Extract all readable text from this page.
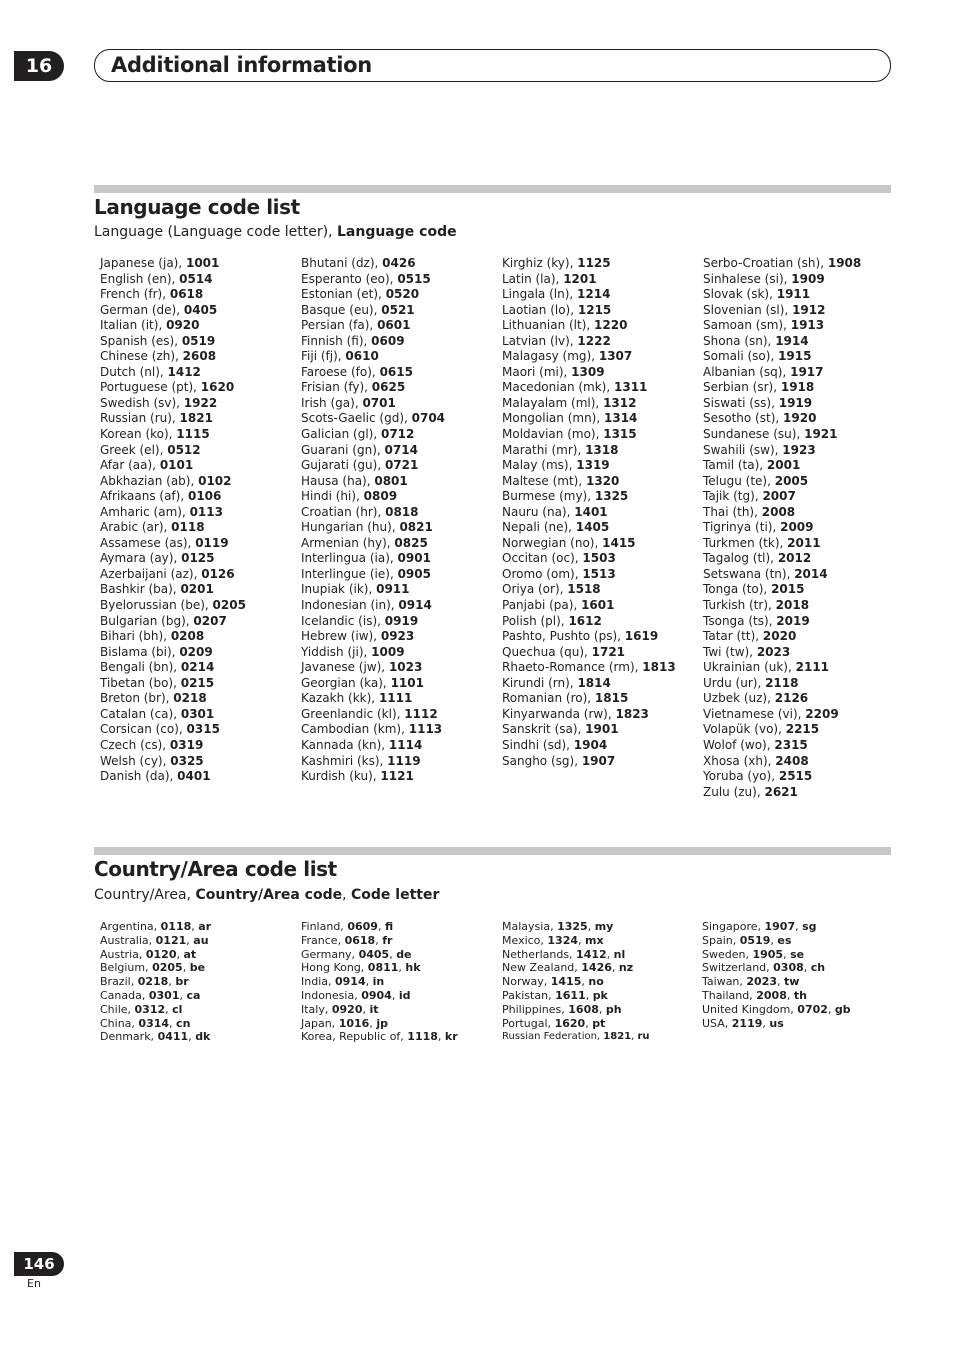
16	Additional information
Language code list
Language (Language code letter), Language code
Japanese (ja), 1001
English (en), 0514
French (fr), 0618
German (de), 0405
Italian (it), 0920
Spanish (es), 0519
Chinese (zh), 2608
Dutch (nl), 1412
Portuguese (pt), 1620
Swedish (sv), 1922
Russian (ru), 1821
Korean (ko), 1115
Greek (el), 0512
Afar (aa), 0101
Abkhazian (ab), 0102
Afrikaans (af), 0106
Amharic (am), 0113
Arabic (ar), 0118
Assamese (as), 0119
Aymara (ay), 0125
Azerbaijani (az), 0126
Bashkir (ba), 0201
Byelorussian (be), 0205
Bulgarian (bg), 0207
Bihari (bh), 0208
Bislama (bi), 0209
Bengali (bn), 0214
Tibetan (bo), 0215
Breton (br), 0218
Catalan (ca), 0301
Corsican (co), 0315
Czech (cs), 0319
Welsh (cy), 0325
Danish (da), 0401
Bhutani (dz), 0426
Esperanto (eo), 0515
Estonian (et), 0520
Basque (eu), 0521
Persian (fa), 0601
Finnish (fi), 0609
Fiji (fj), 0610
Faroese (fo), 0615
Frisian (fy), 0625
Irish (ga), 0701
Scots-Gaelic (gd), 0704
Galician (gl), 0712
Guarani (gn), 0714
Gujarati (gu), 0721
Hausa (ha), 0801
Hindi (hi), 0809
Croatian (hr), 0818
Hungarian (hu), 0821
Armenian (hy), 0825
Interlingua (ia), 0901
Interlingue (ie), 0905
Inupiak (ik), 0911
Indonesian (in), 0914
Icelandic (is), 0919
Hebrew (iw), 0923
Yiddish (ji), 1009
Javanese (jw), 1023
Georgian (ka), 1101
Kazakh (kk), 1111
Greenlandic (kl), 1112
Cambodian (km), 1113
Kannada (kn), 1114
Kashmiri (ks), 1119
Kurdish (ku), 1121
Kirghiz (ky), 1125
Latin (la), 1201
Lingala (ln), 1214
Laotian (lo), 1215
Lithuanian (lt), 1220
Latvian (lv), 1222
Malagasy (mg), 1307
Maori (mi), 1309
Macedonian (mk), 1311
Malayalam (ml), 1312
Mongolian (mn), 1314
Moldavian (mo), 1315
Marathi (mr), 1318
Malay (ms), 1319
Maltese (mt), 1320
Burmese (my), 1325
Nauru (na), 1401
Nepali (ne), 1405
Norwegian (no), 1415
Occitan (oc), 1503
Oromo (om), 1513
Oriya (or), 1518
Panjabi (pa), 1601
Polish (pl), 1612
Pashto, Pushto (ps), 1619
Quechua (qu), 1721
Rhaeto-Romance (rm), 1813
Kirundi (rn), 1814
Romanian (ro), 1815
Kinyarwanda (rw), 1823
Sanskrit (sa), 1901
Sindhi (sd), 1904
Sangho (sg), 1907
Serbo-Croatian (sh), 1908
Sinhalese (si), 1909
Slovak (sk), 1911
Slovenian (sl), 1912
Samoan (sm), 1913
Shona (sn), 1914
Somali (so), 1915
Albanian (sq), 1917
Serbian (sr), 1918
Siswati (ss), 1919
Sesotho (st), 1920
Sundanese (su), 1921
Swahili (sw), 1923
Tamil (ta), 2001
Telugu (te), 2005
Tajik (tg), 2007
Thai (th), 2008
Tigrinya (ti), 2009
Turkmen (tk), 2011
Tagalog (tl), 2012
Setswana (tn), 2014
Tonga (to), 2015
Turkish (tr), 2018
Tsonga (ts), 2019
Tatar (tt), 2020
Twi (tw), 2023
Ukrainian (uk), 2111
Urdu (ur), 2118
Uzbek (uz), 2126
Vietnamese (vi), 2209
Volapük (vo), 2215
Wolof (wo), 2315
Xhosa (xh), 2408
Yoruba (yo), 2515
Zulu (zu), 2621
Country/Area code list
Country/Area, Country/Area code, Code letter
Argentina, 0118, ar
Australia, 0121, au
Austria, 0120, at
Belgium, 0205, be
Brazil, 0218, br
Canada, 0301, ca
Chile, 0312, cl
China, 0314, cn
Denmark, 0411, dk
Finland, 0609, fi
France, 0618, fr
Germany, 0405, de
Hong Kong, 0811, hk
India, 0914, in
Indonesia, 0904, id
Italy, 0920, it
Japan, 1016, jp
Korea, Republic of, 1118, kr
Malaysia, 1325, my
Mexico, 1324, mx
Netherlands, 1412, nl
New Zealand, 1426, nz
Norway, 1415, no
Pakistan, 1611, pk
Philippines, 1608, ph
Portugal, 1620, pt
Russian Federation, 1821, ru
Singapore, 1907, sg
Spain, 0519, es
Sweden, 1905, se
Switzerland, 0308, ch
Taiwan, 2023, tw
Thailand, 2008, th
United Kingdom, 0702, gb
USA, 2119, us
146
En
